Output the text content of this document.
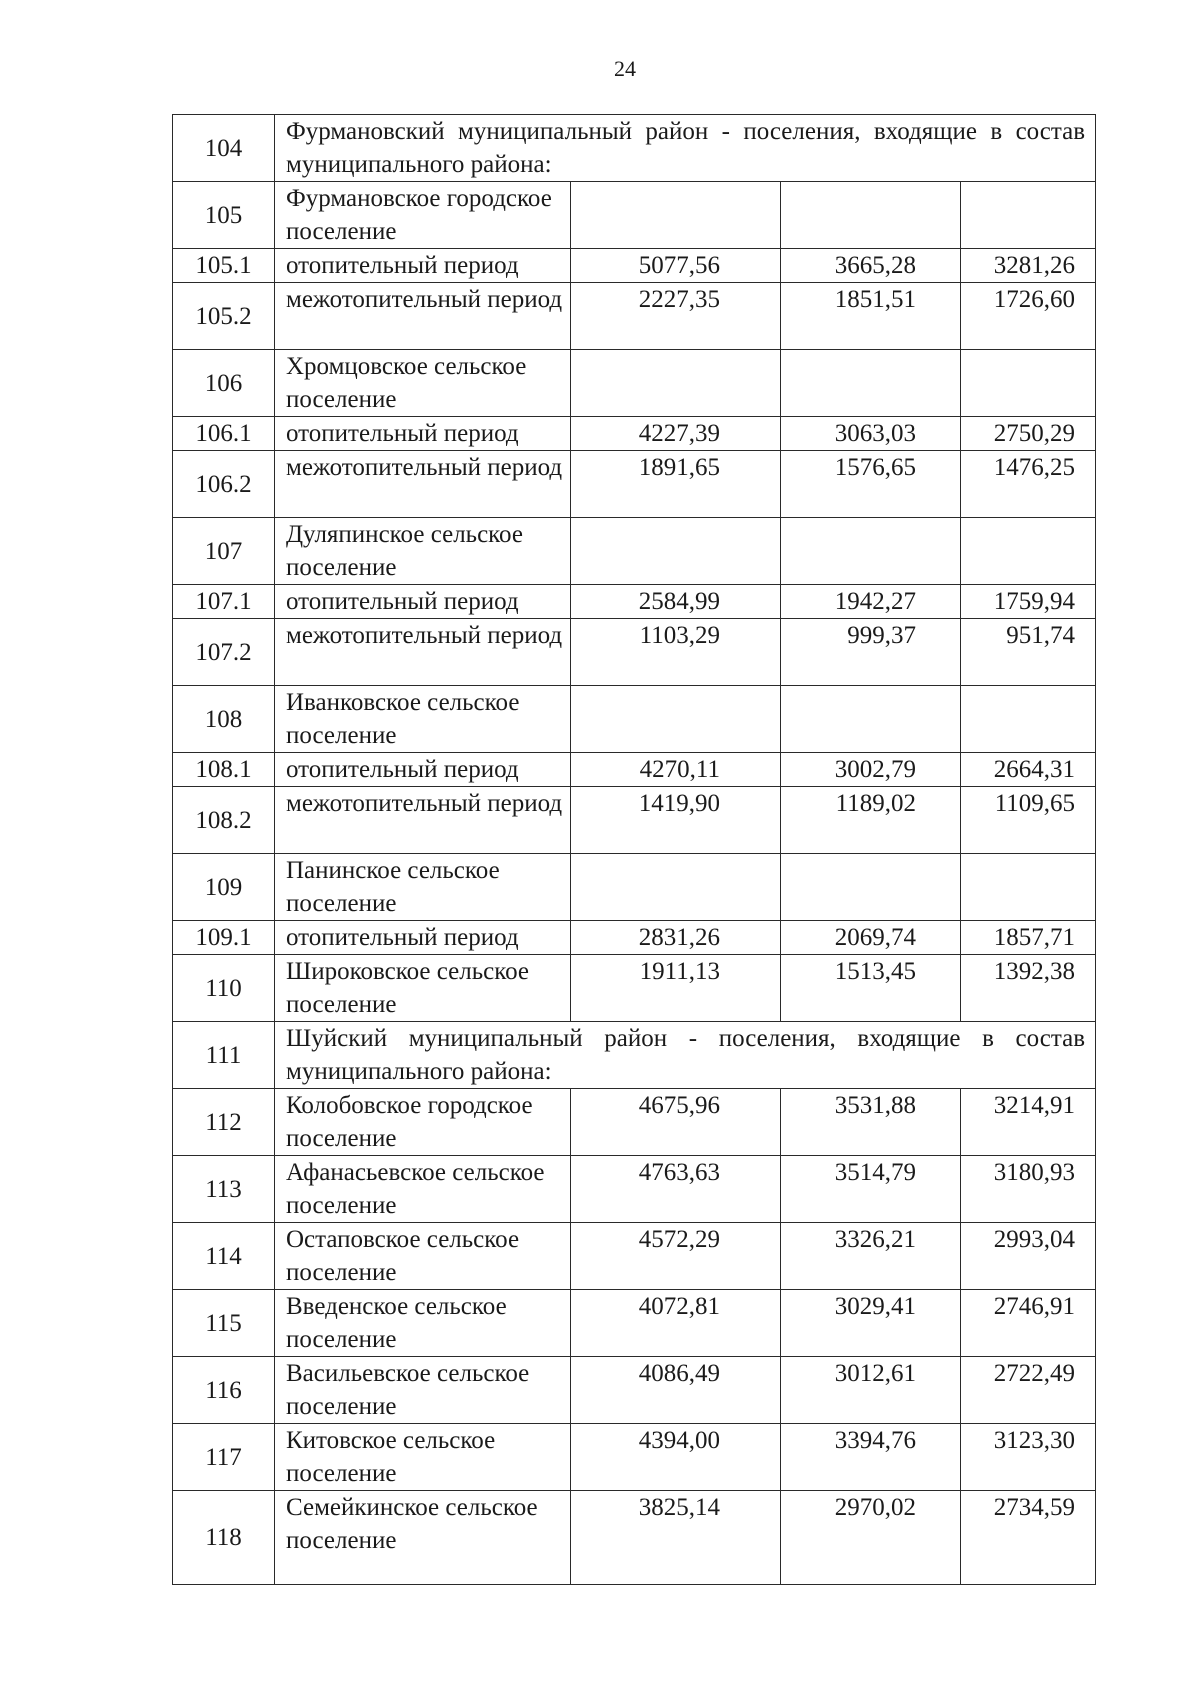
24
104	Фурмановский муниципальный район - поселения, входящие в состав муниципального района:			
105	Фурмановское городское поселение			
105.1	отопительный период	5077,56	3665,28	3281,26
105.2	межотопительный период	2227,35	1851,51	1726,60
106	Хромцовское сельское поселение			
106.1	отопительный период	4227,39	3063,03	2750,29
106.2	межотопительный период	1891,65	1576,65	1476,25
107	Дуляпинское сельское поселение			
107.1	отопительный период	2584,99	1942,27	1759,94
107.2	межотопительный период	1103,29	999,37	951,74
108	Иванковское сельское поселение			
108.1	отопительный период	4270,11	3002,79	2664,31
108.2	межотопительный период	1419,90	1189,02	1109,65
109	Панинское сельское поселение			
109.1	отопительный период	2831,26	2069,74	1857,71
110	Широковское сельское поселение	1911,13	1513,45	1392,38
111	Шуйский муниципальный район - поселения, входящие в состав муниципального района:			
112	Колобовское городское поселение	4675,96	3531,88	3214,91
113	Афанасьевское сельское поселение	4763,63	3514,79	3180,93
114	Остаповское сельское поселение	4572,29	3326,21	2993,04
115	Введенское сельское поселение	4072,81	3029,41	2746,91
116	Васильевское сельское поселение	4086,49	3012,61	2722,49
117	Китовское сельское поселение	4394,00	3394,76	3123,30
118	Семейкинское сельское поселение	3825,14	2970,02	2734,59
